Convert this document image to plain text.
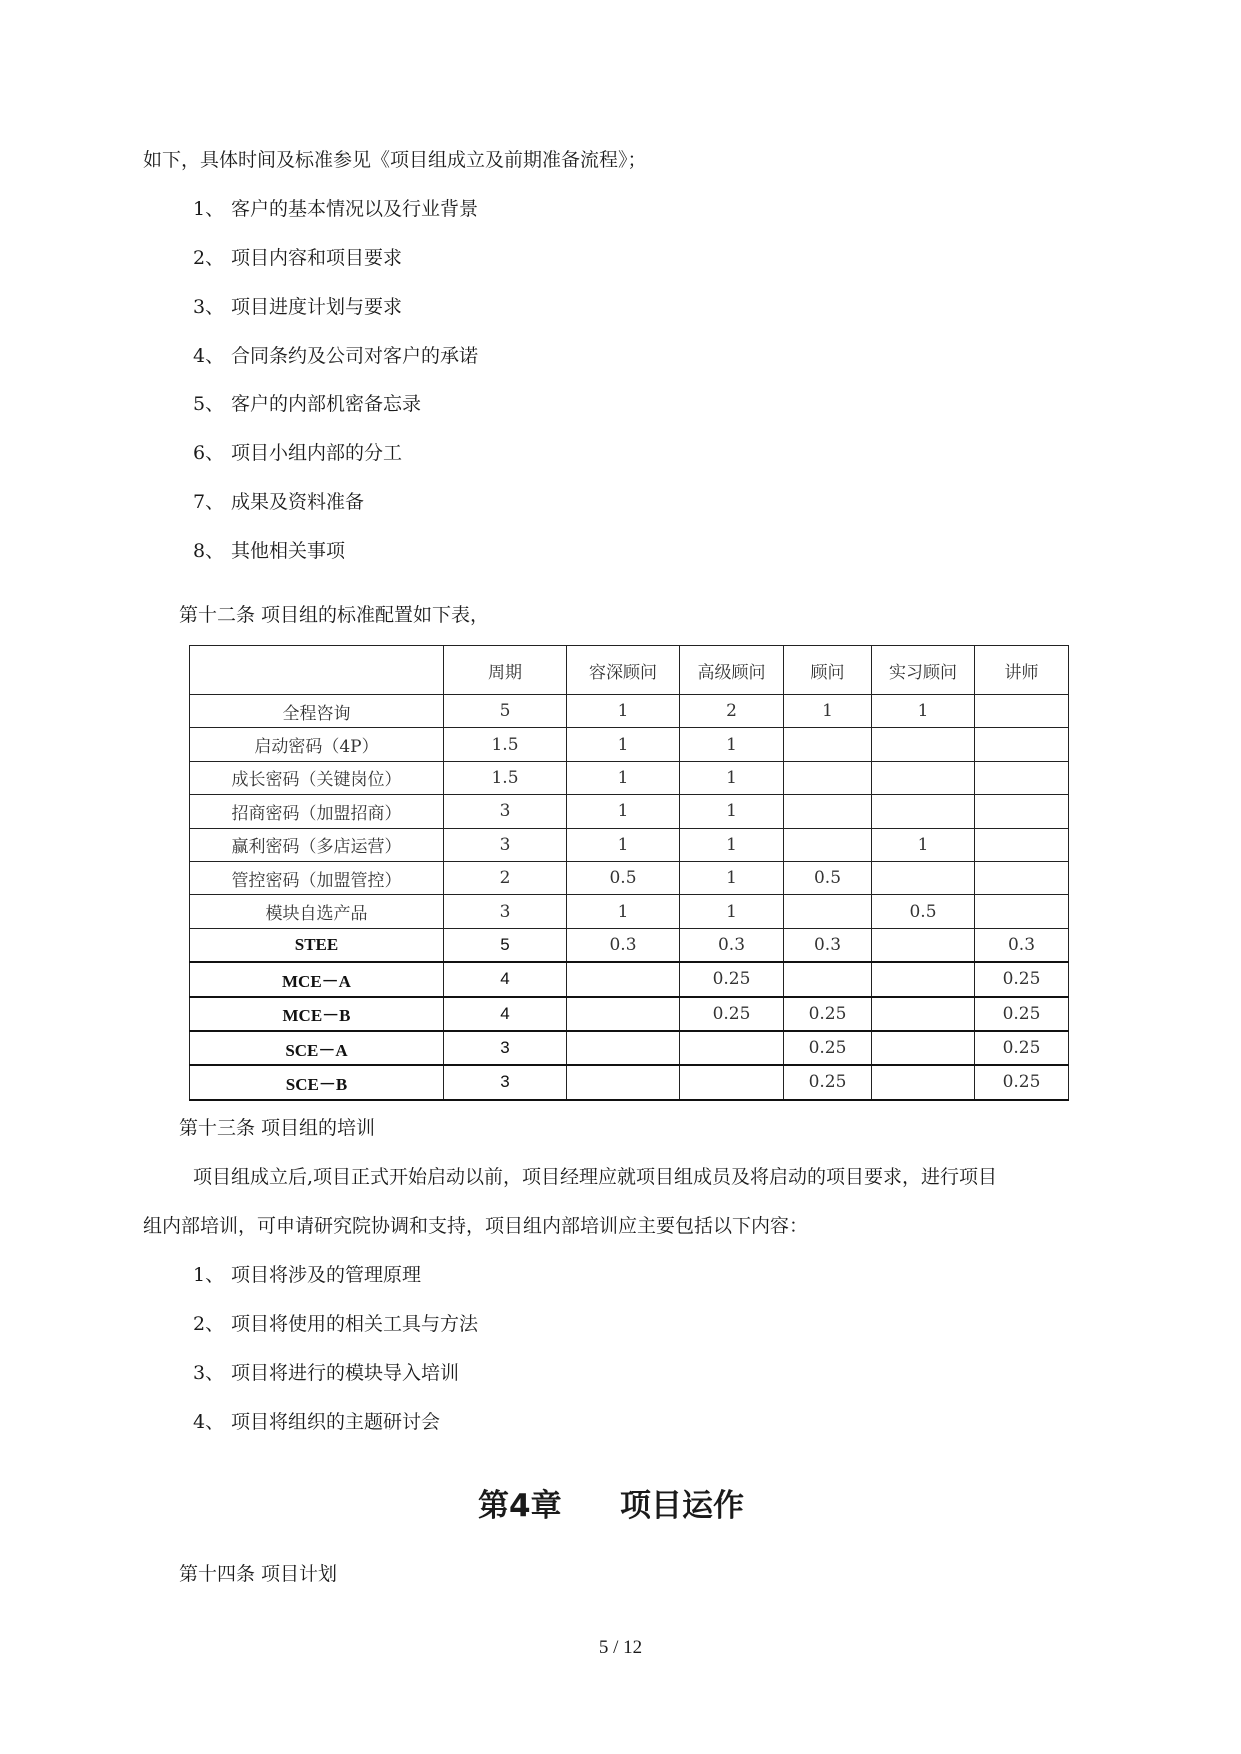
如下，具体时间及标准参见《项目组成立及前期准备流程》；
1、 客户的基本情况以及行业背景
2、 项目内容和项目要求
3、 项目进度计划与要求
4、 合同条约及公司对客户的承诺
5、 客户的内部机密备忘录
6、 项目小组内部的分工
7、 成果及资料准备
8、 其他相关事项
第十二条 项目组的标准配置如下表，
	周期	容深顾问	高级顾问	顾问	实习顾问	讲师
全程咨询	5	1	2	1	1	
启动密码（4P）	1.5	1	1			
成长密码（关键岗位）	1.5	1	1			
招商密码（加盟招商）	3	1	1			
赢利密码（多店运营）	3	1	1		1	
管控密码（加盟管控）	2	0.5	1	0.5		
模块自选产品	3	1	1		0.5	
STEE	5	0.3	0.3	0.3		0.3
MCE－A	4		0.25			0.25
MCE－B	4		0.25	0.25		0.25
SCE－A	3			0.25		0.25
SCE－B	3			0.25		0.25
第十三条 项目组的培训
项目组成立后,项目正式开始启动以前，项目经理应就项目组成员及将启动的项目要求，进行项目
组内部培训，可申请研究院协调和支持，项目组内部培训应主要包括以下内容：
1、 项目将涉及的管理原理
2、 项目将使用的相关工具与方法
3、 项目将进行的模块导入培训
4、 项目将组织的主题研讨会
第4章 项目运作
第十四条 项目计划
5 / 12
